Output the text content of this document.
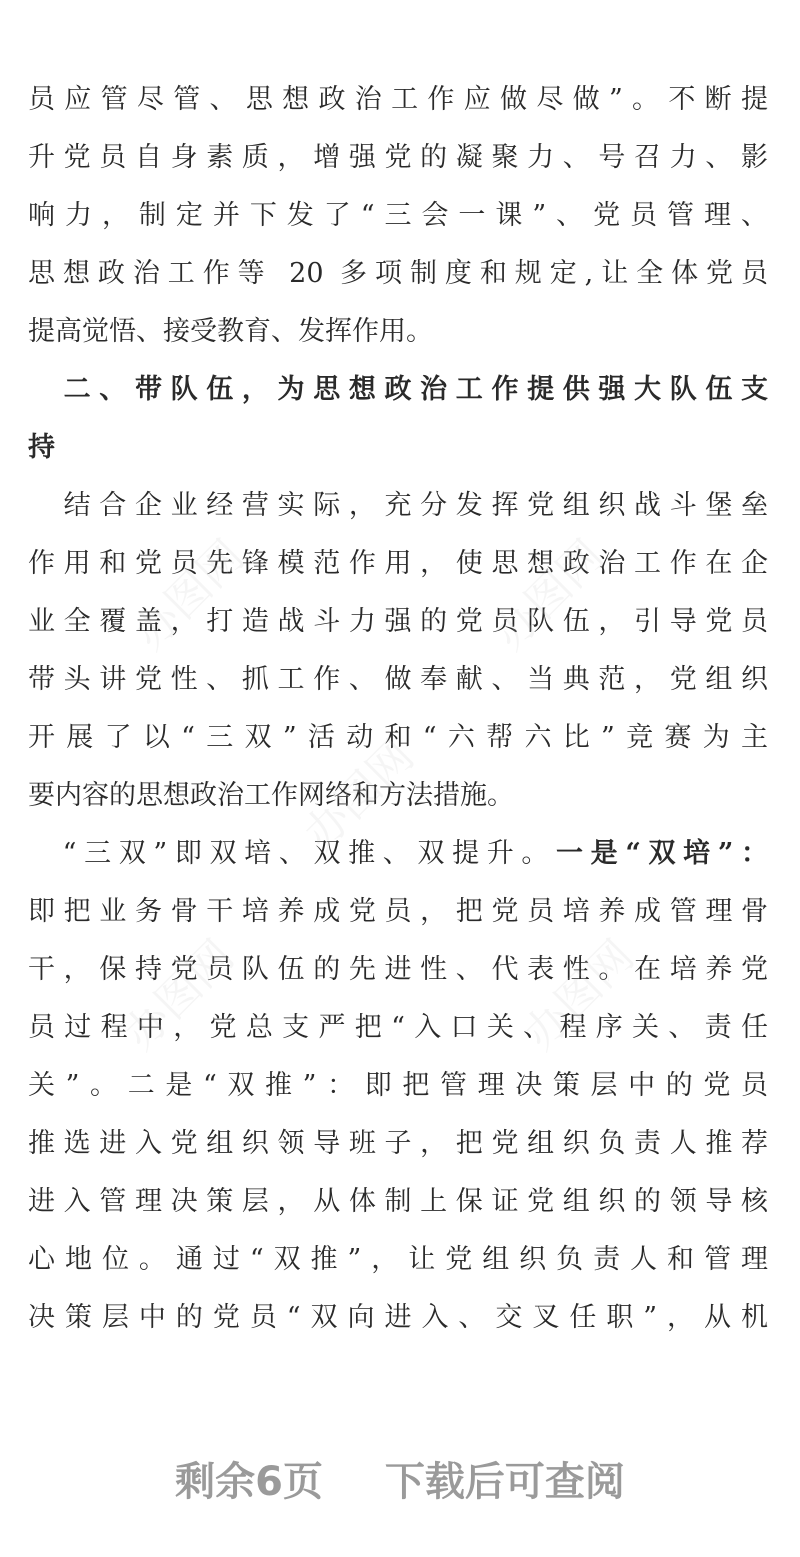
员应管尽管、思想政治工作应做尽做”。不断提
升党员自身素质，增强党的凝聚力、号召力、影
响力，制定并下发了“三会一课”、党员管理、
思想政治工作等 20 多项制度和规定,让全体党员
提高觉悟、接受教育、发挥作用。
　二、带队伍，为思想政治工作提供强大队伍支
持
　结合企业经营实际，充分发挥党组织战斗堡垒
作用和党员先锋模范作用，使思想政治工作在企
业全覆盖，打造战斗力强的党员队伍，引导党员
带头讲党性、抓工作、做奉献、当典范，党组织
开展了以“三双”活动和“六帮六比”竞赛为主
要内容的思想政治工作网络和方法措施。
　“三双”即双培、双推、双提升。一是“双培”：
即把业务骨干培养成党员，把党员培养成管理骨
干，保持党员队伍的先进性、代表性。在培养党
员过程中，党总支严把“入口关、程序关、责任
关”。二是“双推”：即把管理决策层中的党员
推选进入党组织领导班子，把党组织负责人推荐
进入管理决策层，从体制上保证党组织的领导核
心地位。通过“双推”，让党组织负责人和管理
决策层中的党员“双向进入、交叉任职”，从机
办图网	办图网
办图网
办图网	办图网
剩余6页 下载后可查阅
